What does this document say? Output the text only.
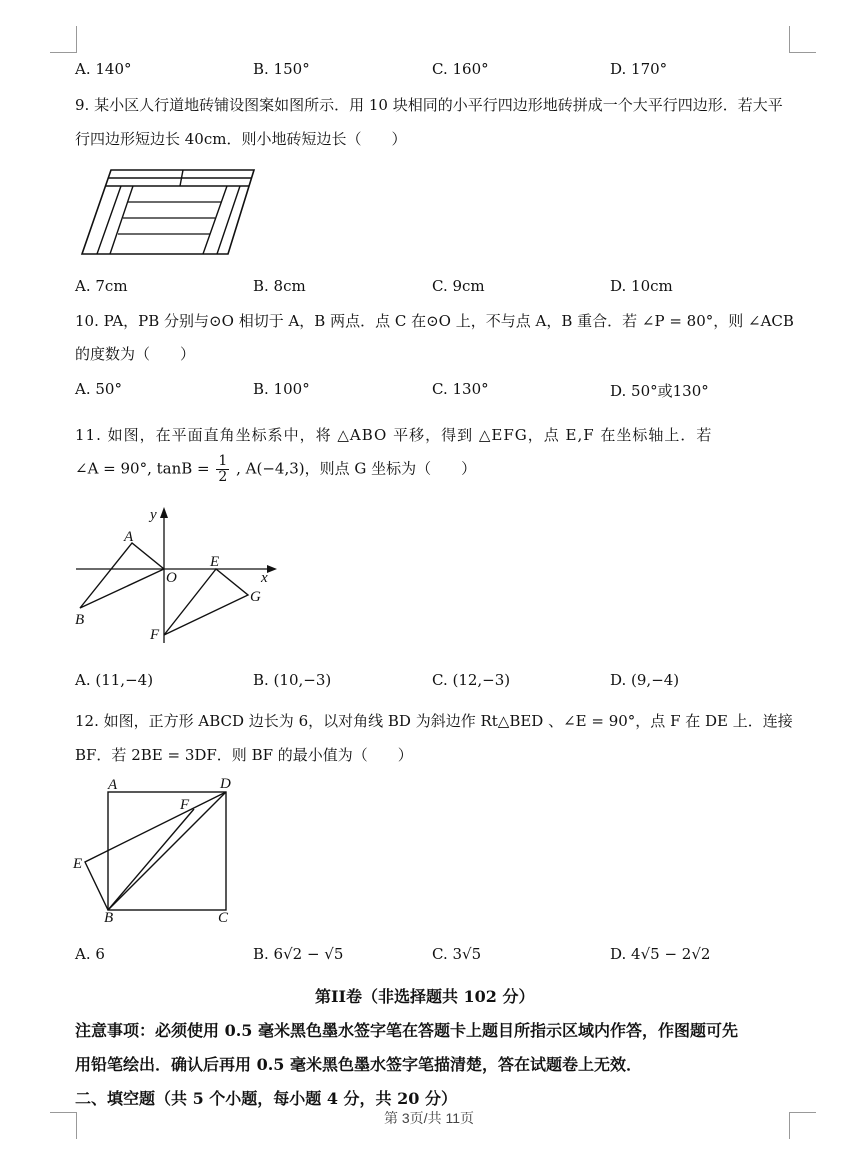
A. 140°	B. 150°	C. 160°	D. 170°
9. 某小区人行道地砖铺设图案如图所示．用 10 块相同的小平行四边形地砖拼成一个大平行四边形．若大平
行四边形短边长 40cm．则小地砖短边长（　　）
A. 7cm	B. 8cm	C. 9cm	D. 10cm
10. PA，PB 分别与⊙O 相切于 A，B 两点．点 C 在⊙O 上，不与点 A，B 重合．若 ∠P = 80°，则 ∠ACB
的度数为（　　）
A. 50°	B. 100°	C. 130°	D. 50°或130°
11. 如图，在平面直角坐标系中，将 △ABO 平移，得到 △EFG，点 E,F 在坐标轴上．若
∠A = 90°, $\tan B = \frac{1}{2}$ , A(−4,3)，则点 G 坐标为（　　）
y
A
O
E
x
G
B
F
A. (11,−4)	B. (10,−3)	C. (12,−3)	D. (9,−4)
12. 如图，正方形 ABCD 边长为 6，以对角线 BD 为斜边作 Rt△BED 、∠E = 90°，点 F 在 DE 上．连接
BF．若 2BE = 3DF．则 BF 的最小值为（　　）
A	D
F
E
B	C
A. 6	B. 6√2 − √5	C. 3√5	D. 4√5 − 2√2
第II卷（非选择题共 102 分）
注意事项：必须使用 0.5 毫米黑色墨水签字笔在答题卡上题目所指示区域内作答，作图题可先
用铅笔绘出．确认后再用 0.5 毫米黑色墨水签字笔描清楚，答在试题卷上无效．
二、填空题（共 5 个小题，每小题 4 分，共 20 分）
第 3页/共 11页
